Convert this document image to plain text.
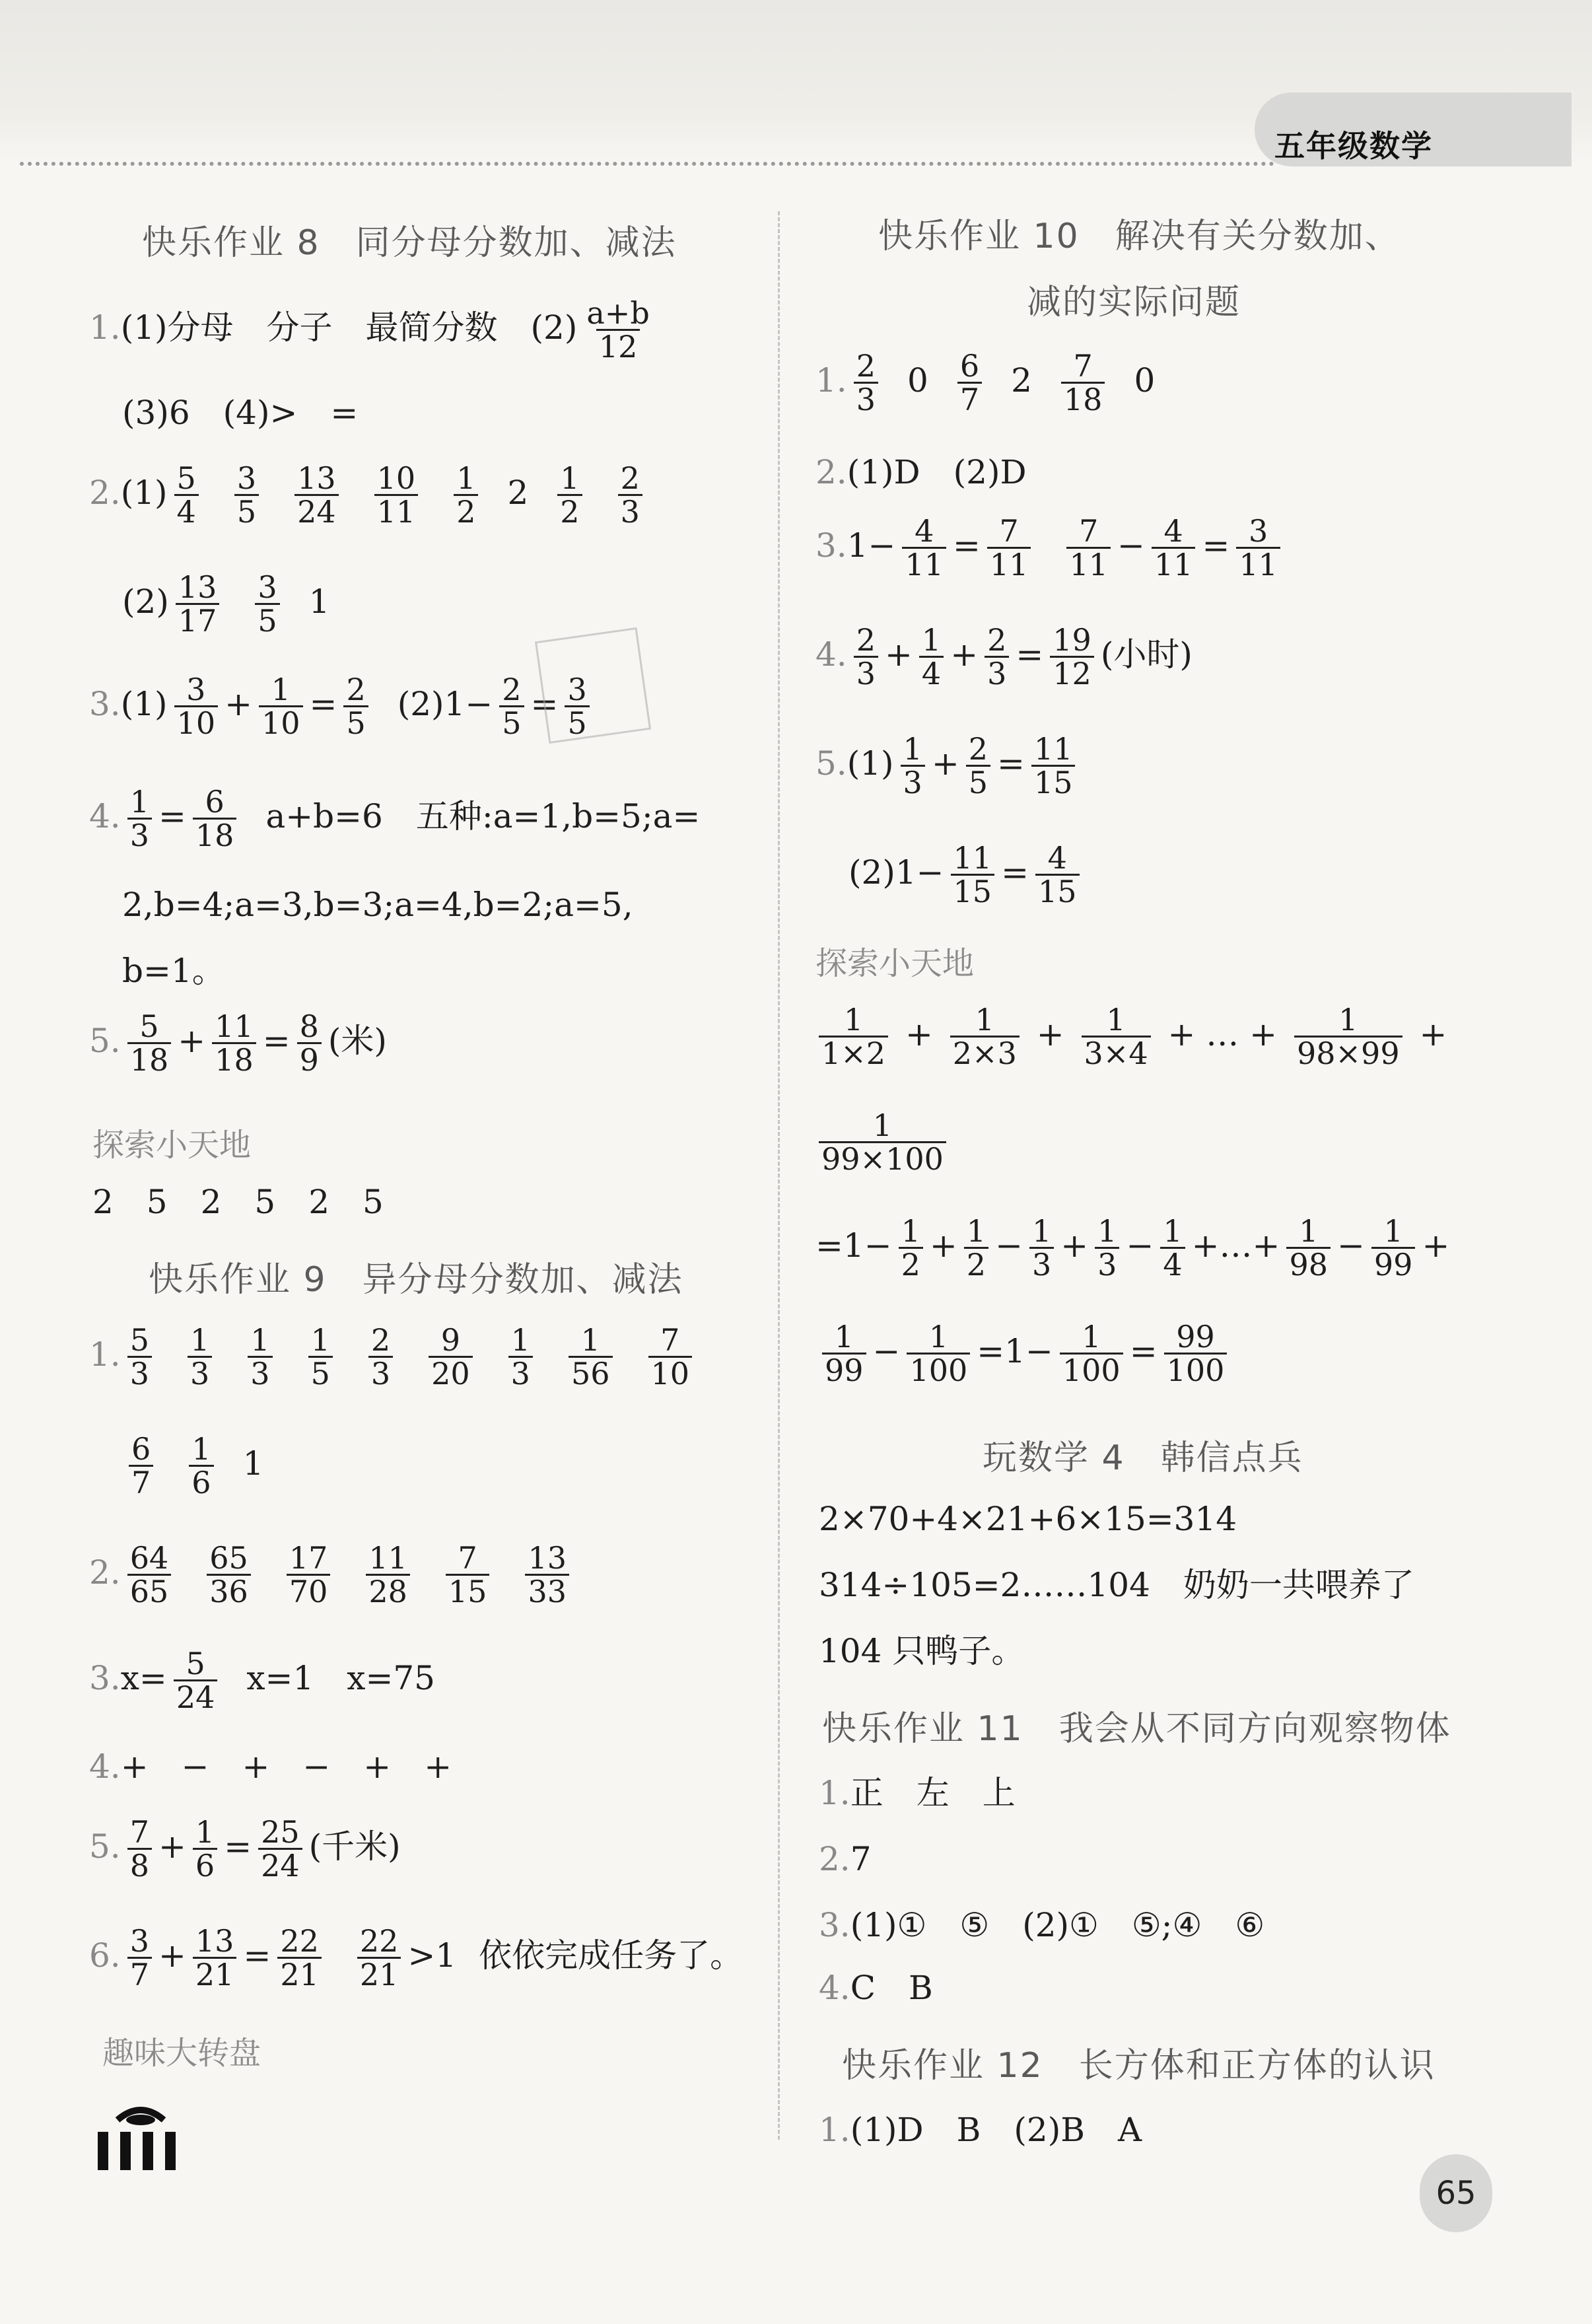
五年级数学
快乐作业 8　同分母分数加、减法
1.(1)分母　分子　最简分数　$(2) \frac{a+b}{12}$
(3)6　(4)>　=
$2.(1) \frac{5}{4} \frac{3}{5} \frac{13}{24} \frac{10}{11} \frac{1}{2} 2 \frac{1}{2} \frac{2}{3}$
$(2) \frac{13}{17} \frac{3}{5} 1$
$3.(1) \frac{3}{10} + \frac{1}{10} = \frac{2}{5} (2)1- \frac{2}{5} = \frac{3}{5}$
4. $\frac{1}{3} = \frac{6}{18} a+b=6$　五种:a=1,b=5;a=
2,b=4;a=3,b=3;a=4,b=2;a=5,
b=1。
5. $\frac{5}{18} + \frac{11}{18} = \frac{8}{9}$ (米)
探索小天地
2　5　2　5　2　5
快乐作业 9　异分母分数加、减法
1. $\frac{5}{3} \frac{1}{3} \frac{1}{3} \frac{1}{5} \frac{2}{3} \frac{9}{20} \frac{1}{3} \frac{1}{56} \frac{7}{10}$
$\frac{6}{7} \frac{1}{6} 1$
2. $\frac{64}{65} \frac{65}{36} \frac{17}{70} \frac{11}{28} \frac{7}{15} \frac{13}{33}$
$3.x= \frac{5}{24} x=1$　x=75
4.+　−　+　−　+　+
5. $\frac{7}{8} + \frac{1}{6} = \frac{25}{24}$ (千米)
6. $\frac{3}{7} + \frac{13}{21} = \frac{22}{21} \frac{22}{21} >1$ 依依完成任务了。
趣味大转盘
快乐作业 10　解决有关分数加、
减的实际问题
1. $\frac{2}{3} 0 \frac{6}{7} 2 \frac{7}{18} 0$
2.(1)D　(2)D
$3.1- \frac{4}{11} = \frac{7}{11} \frac{7}{11} - \frac{4}{11} = \frac{3}{11}$
4. $\frac{2}{3} + \frac{1}{4} + \frac{2}{3} = \frac{19}{12}$ (小时)
$5.(1) \frac{1}{3} + \frac{2}{5} = \frac{11}{15}$
$(2)1- \frac{11}{15} = \frac{4}{15}$
探索小天地
$\frac{1}{1\times 2} + \frac{1}{2\times 3} + \frac{1}{3\times 4}$ + … + $\frac{1}{98\times 99}$ +
$\frac{1}{99\times 100}$
$=1- \frac{1}{2} + \frac{1}{2} - \frac{1}{3} + \frac{1}{3} - \frac{1}{4}$ +…+ $\frac{1}{98} - \frac{1}{99}$ +
$\frac{1}{99} - \frac{1}{100} =1- \frac{1}{100} = \frac{99}{100}$
玩数学 4　韩信点兵
2×70+4×21+6×15=314
314÷105=2……104　奶奶一共喂养了
104 只鸭子。
快乐作业 11　我会从不同方向观察物体
1.正　左　上
2.7
3.(1)①　⑤　(2)①　⑤;④　⑥
4.C　B
快乐作业 12　长方体和正方体的认识
1.(1)D　B　(2)B　A
65
